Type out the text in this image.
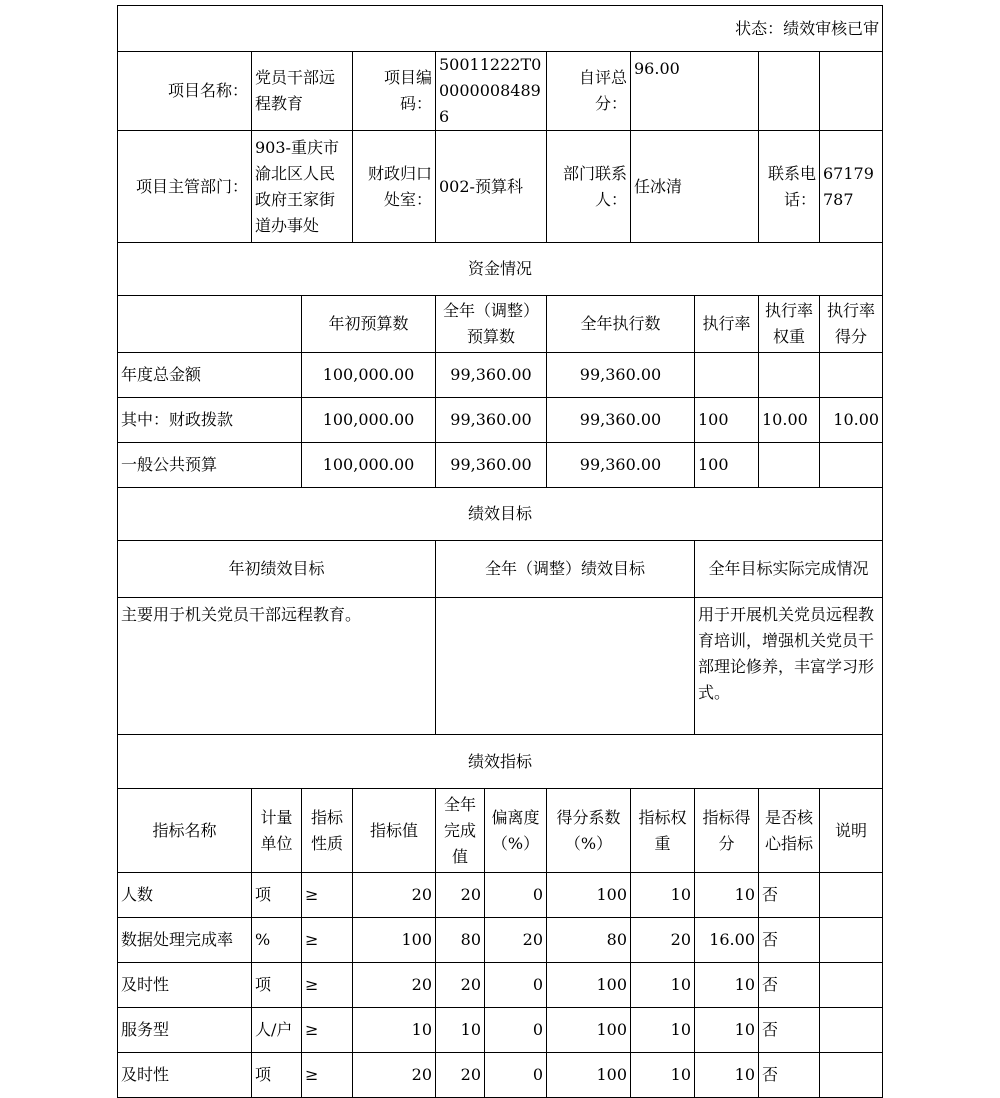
状态：绩效审核已审										
项目名称：	党员干部远程教育		项目编码：	50011222T000000084896		自评总分：	96.00			
项目主管部门：	903-重庆市渝北区人民政府王家街道办事处		财政归口处室：	002-预算科		部门联系人：	任冰清		联系电话：	67179787
资金情况										
		年初预算数		全年（调整）预算数		全年执行数		执行率	执行率权重	执行率得分
年度总金额		100,000.00		99,360.00		99,360.00				
其中：财政拨款		100,000.00		99,360.00		99,360.00		100	10.00	10.00
一般公共预算		100,000.00		99,360.00		99,360.00		100		
绩效目标										
年初绩效目标				全年（调整）绩效目标				全年目标实际完成情况		
主要用于机关党员干部远程教育。								用于开展机关党员远程教育培训，增强机关党员干部理论修养，丰富学习形式。		
绩效指标										
指标名称	计量单位	指标性质	指标值	全年完成值	偏离度（%）	得分系数（%）	指标权重	指标得分	是否核心指标	说明
人数	项	≥	20	20	0	100	10	10	否	
数据处理完成率	%	≥	100	80	20	80	20	16.00	否	
及时性	项	≥	20	20	0	100	10	10	否	
服务型	人/户	≥	10	10	0	100	10	10	否	
及时性	项	≥	20	20	0	100	10	10	否	
